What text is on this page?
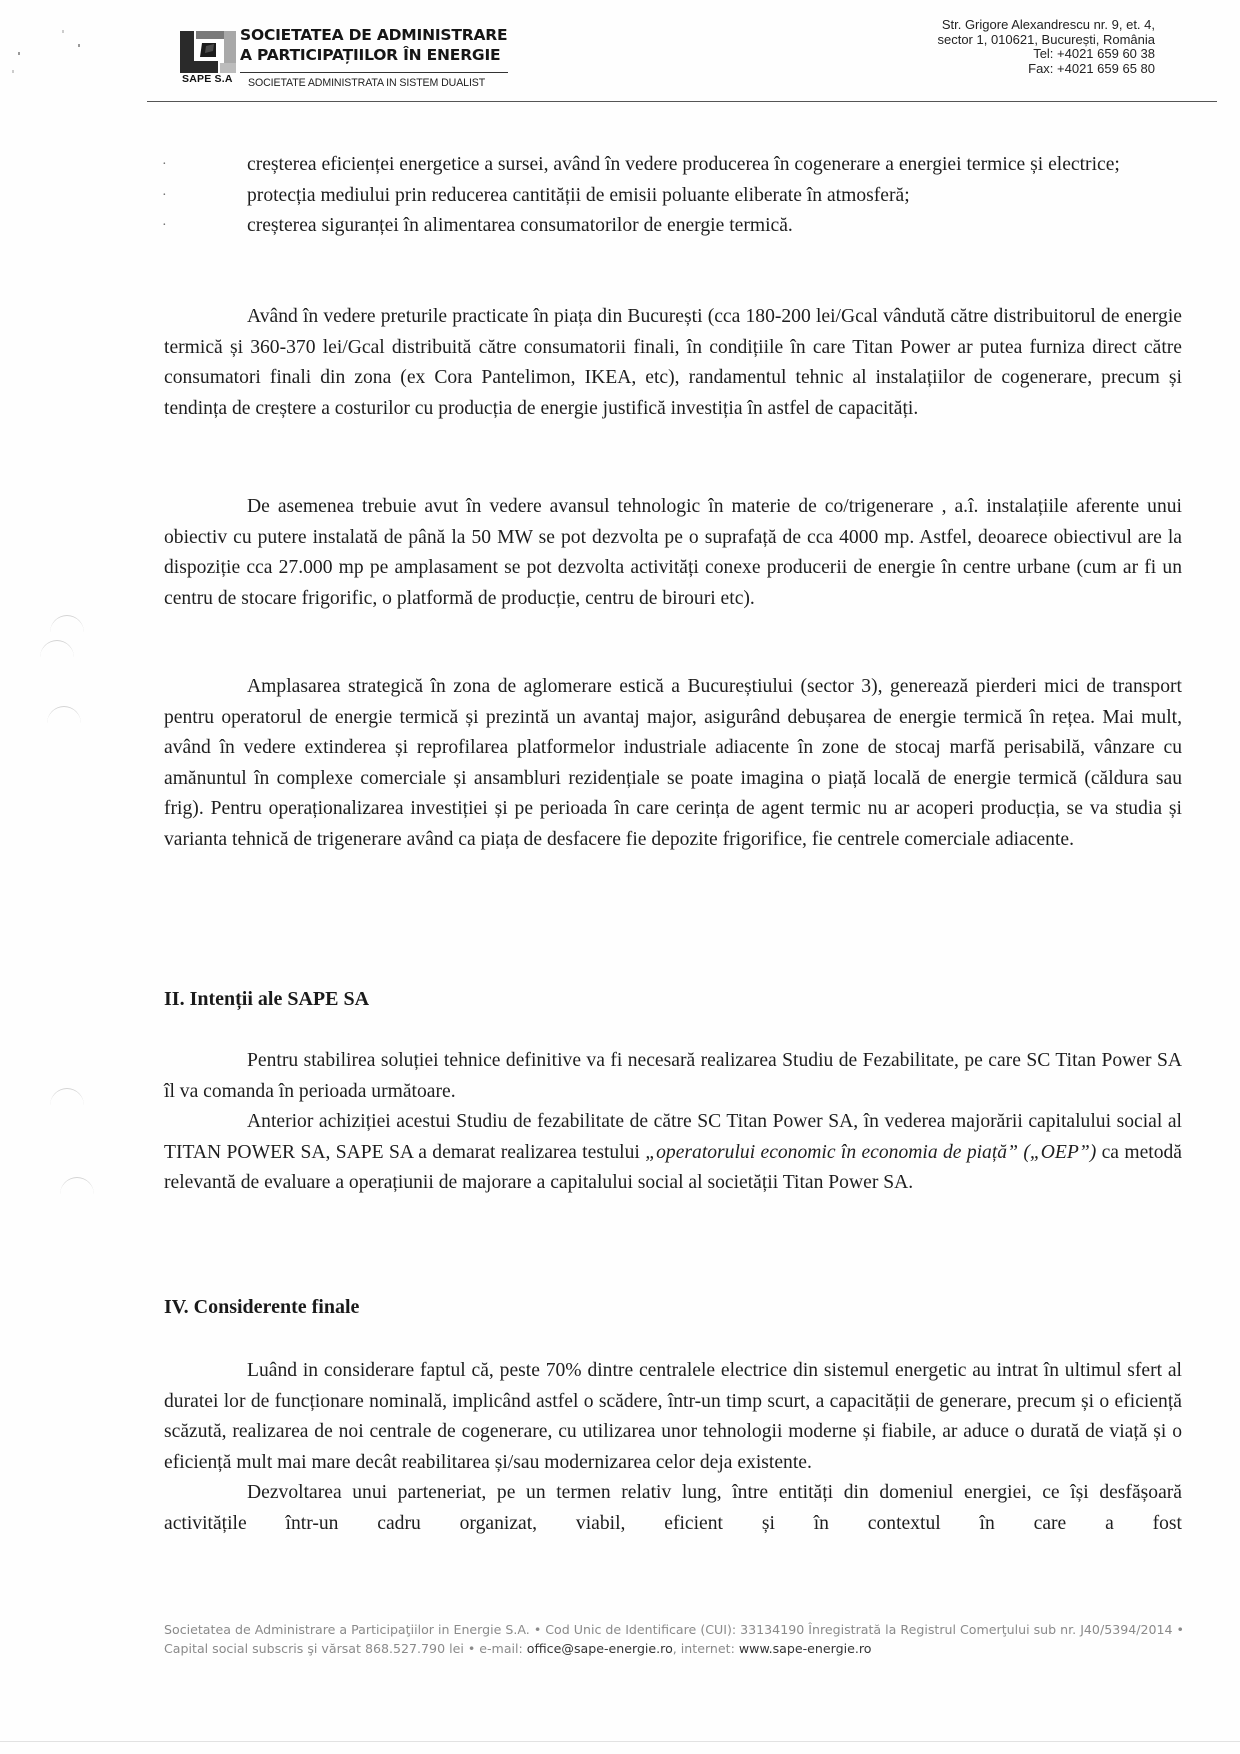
SAPE S.A
SOCIETATEA DE ADMINISTRARE
A PARTICIPAȚIILOR ÎN ENERGIE
SOCIETATE ADMINISTRATA IN SISTEM DUALIST
Str. Grigore Alexandrescu nr. 9, et. 4,
sector 1, 010621, București, România
Tel: +4021 659 60 38
Fax: +4021 659 65 80

·	creșterea eficienței energetice a sursei, având în vedere producerea în cogenerare a energiei termice și electrice;

·	protecția mediului prin reducerea cantității de emisii poluante eliberate în atmosferă;

·	creșterea siguranței în alimentarea consumatorilor de energie termică.

Având în vedere preturile practicate în piața din București (cca 180-200 lei/Gcal vândută către distribuitorul de energie termică și 360-370 lei/Gcal distribuită către consumatorii finali, în condițiile în care Titan Power ar putea furniza direct către consumatori finali din zona (ex Cora Pantelimon, IKEA, etc), randamentul tehnic al instalațiilor de cogenerare, precum și tendința de creștere a costurilor cu producția de energie justifică investiția în astfel de capacități.

De asemenea trebuie avut în vedere avansul tehnologic în materie de co/trigenerare , a.î. instalațiile aferente unui obiectiv cu putere instalată de până la 50 MW se pot dezvolta pe o suprafață de cca 4000 mp. Astfel, deoarece obiectivul are la dispoziție cca 27.000 mp pe amplasament se pot dezvolta activități conexe producerii de energie în centre urbane (cum ar fi un centru de stocare frigorific, o platformă de producție, centru de birouri etc).

Amplasarea strategică în zona de aglomerare estică a Bucureștiului (sector 3), generează pierderi mici de transport pentru operatorul de energie termică și prezintă un avantaj major, asigurând debușarea de energie termică în rețea. Mai mult, având în vedere extinderea și reprofilarea platformelor industriale adiacente în zone de stocaj marfă perisabilă, vânzare cu amănuntul în complexe comerciale și ansambluri rezidențiale se poate imagina o piață locală de energie termică (căldura sau frig). Pentru operaționalizarea investiției și pe perioada în care cerința de agent termic nu ar acoperi producția, se va studia și varianta tehnică de trigenerare având ca piața de desfacere fie depozite frigorifice, fie centrele comerciale adiacente.

II. Intenții ale SAPE SA

Pentru stabilirea soluției tehnice definitive va fi necesară realizarea Studiu de Fezabilitate, pe care SC Titan Power SA îl va comanda în perioada următoare.

Anterior achiziției acestui Studiu de fezabilitate de către SC Titan Power SA, în vederea majorării capitalului social al TITAN POWER SA, SAPE SA a demarat realizarea testului „operatorului economic în economia de piață” („OEP”) ca metodă relevantă de evaluare a operațiunii de majorare a capitalului social al societății Titan Power SA.

IV. Considerente finale

Luând in considerare faptul că, peste 70% dintre centralele electrice din sistemul energetic au intrat în ultimul sfert al duratei lor de funcționare nominală, implicând astfel o scădere, într-un timp scurt, a capacității de generare, precum și o eficiență scăzută, realizarea de noi centrale de cogenerare, cu utilizarea unor tehnologii moderne și fiabile, ar aduce o durată de viață și o eficiență mult mai mare decât reabilitarea și/sau modernizarea celor deja existente.

Dezvoltarea unui parteneriat, pe un termen relativ lung, între entități din domeniul energiei, ce își desfășoară activitățile într-un cadru organizat, viabil, eficient și în contextul în care a fost

Societatea de Administrare a Participaţiilor in Energie S.A. • Cod Unic de Identificare (CUI): 33134190 Înregistrată la Registrul Comerţului sub nr. J40/5394/2014 • Capital social subscris şi vărsat 868.527.790 lei • e-mail: office@sape-energie.ro, internet: www.sape-energie.ro
